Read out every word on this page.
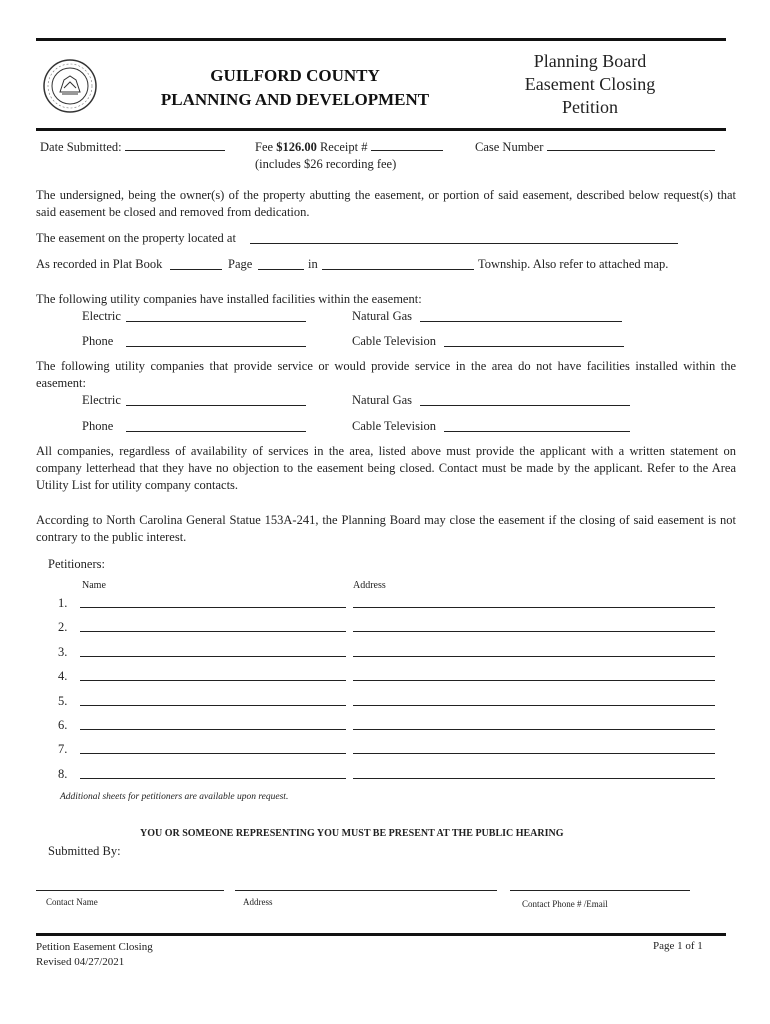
GUILFORD COUNTY
PLANNING AND DEVELOPMENT
Planning Board
Easement Closing
Petition
Date Submitted:	Fee $126.00 Receipt #
(includes $26 recording fee)
Case Number
The undersigned, being the owner(s) of the property abutting the easement, or portion of said easement, described below request(s) that said easement be closed and removed from dedication.
The easement on the property located at
As recorded in Plat Book	Page	in	Township. Also refer to attached map.
The following utility companies have installed facilities within the easement:
Electric	Natural Gas
Phone	Cable Television
The following utility companies that provide service or would provide service in the area do not have facilities installed within the easement:
Electric	Natural Gas
Phone	Cable Television
All companies, regardless of availability of services in the area, listed above must provide the applicant with a written statement on company letterhead that they have no objection to the easement being closed. Contact must be made by the applicant. Refer to the Area Utility List for utility company contacts.
According to North Carolina General Statue 153A-241, the Planning Board may close the easement if the closing of said easement is not contrary to the public interest.
Petitioners:
Name	Address
1.
2.
3.
4.
5.
6.
7.
8.
Additional sheets for petitioners are available upon request.
YOU OR SOMEONE REPRESENTING YOU MUST BE PRESENT AT THE PUBLIC HEARING
Submitted By:
Contact Name	Address	Contact Phone # /Email
Petition Easement Closing
Revised 04/27/2021
Page 1 of 1
